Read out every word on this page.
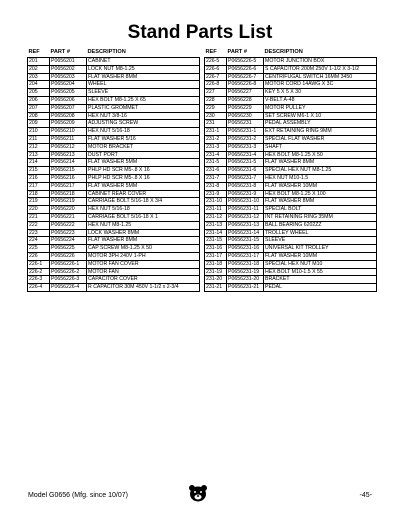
Stand Parts List
REF	PART #	DESCRIPTION
201	P0656201	CABINET
202	P0656202	LOCK NUT M8-1.25
203	P0656203	FLAT WASHER 8MM
204	P0656204	WHEEL
205	P0656205	SLEEVE
206	P0656206	HEX BOLT M8-1.25 X 65
207	P0656207	PLASTIC GROMMET
208	P0656208	HEX NUT 3/8-16
209	P0656209	ADJUSTING SCREW
210	P0656210	HEX NUT 5/16-18
211	P0656211	FLAT WASHER 5/16
212	P0656212	MOTOR BRACKET
213	P0656213	DUST PORT
214	P0656214	FLAT WASHER 5MM
215	P0656215	PHLP HD SCR M5-.8 X 16
216	P0656216	PHLP HD SCR M5-.8 X 16
217	P0656217	FLAT WASHER 5MM
218	P0656218	CABINET REAR COVER
219	P0656219	CARRIAGE BOLT 5/16-18 X 3/4
220	P0656220	HEX NUT 5/16-18
221	P0656221	CARRIAGE BOLT 5/16-18 X 1
222	P0656222	HEX NUT M8-1.25
223	P0656223	LOCK WASHER 8MM
224	P0656224	FLAT WASHER 8MM
225	P0656225	CAP SCREW M8-1.25 X 50
226	P0656226	MOTOR 3PH 240V 1-PH
226-1	P0656226-1	MOTOR FAN COVER
226-2	P0656226-2	MOTOR FAN
226-3	P0656226-3	CAPACITOR COVER
226-4	P0656226-4	R CAPACITOR 30M 450V 1-1/2 x 2-3/4
REF	PART #	DESCRIPTION
226-5	P0656226-5	MOTOR JUNCTION BOX
226-6	P0656226-6	S CAPACITOR 200M 250V 1-1/2 X 3-1/2
226-7	P0656226-7	CENTRIFUGAL SWITCH 16MM 3450
226-8	P0656226-8	MOTOR CORD 14AWG X 3C
227	P0656227	KEY 5 X 5 X 30
228	P0656228	V-BELT A-48
229	P0656229	MOTOR PULLEY
230	P0656230	SET SCREW M6-1 X 10
231	P0656231	PEDAL ASSEMBLY
231-1	P0656231-1	EXT RETAINING RING 9MM
231-2	P0656231-2	SPECIAL FLAT WASHER
231-3	P0656231-3	SHAFT
231-4	P0656231-4	HEX BOLT M8-1.25 X 50
231-5	P0656231-5	FLAT WASHER 8MM
231-6	P0656231-6	SPECIAL HEX NUT M8-1.25
231-7	P0656231-7	HEX NUT M10-1.5
231-8	P0656231-8	FLAT WASHER 10MM
231-9	P0656231-9	HEX BOLT M8-1.25 X 100
231-10	P0656231-10	FLAT WASHER 8MM
231-11	P0656231-11	SPECIAL BOLT
231-12	P0656231-12	INT RETAINING RING 35MM
231-13	P0656231-13	BALL BEARING 6202ZZ
231-14	P0656231-14	TROLLEY WHEEL
231-15	P0656231-15	SLEEVE
231-16	P0656231-16	UNIVERSAL KIT TROLLEY
231-17	P0656231-17	FLAT WASHER 10MM
231-18	P0656231-18	SPECIAL HEX NUT M10
231-19	P0656231-19	HEX BOLT M10-1.5 X 55
231-20	P0656231-20	BRACKET
231-21	P0656231-21	PEDAL
Model G0656 (Mfg. since 10/07)	-45-
